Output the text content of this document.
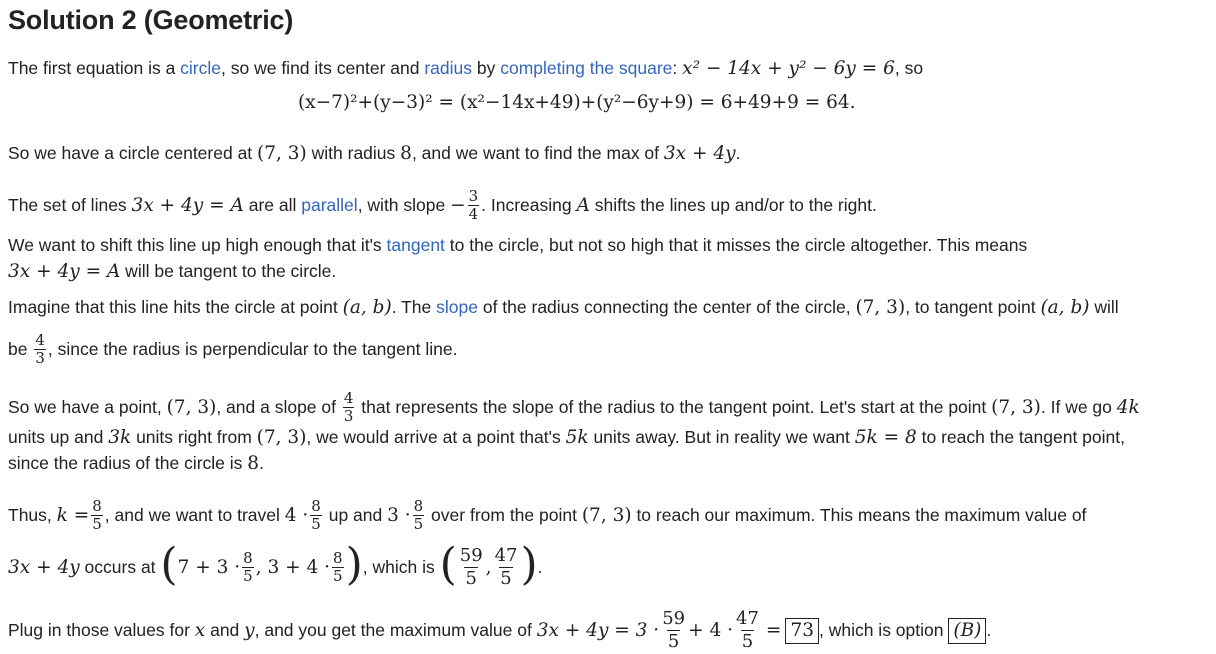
Solution 2 (Geometric)
The first equation is a circle, so we find its center and radius by completing the square: x² − 14x + y² − 6y = 6, so
(x−7)²+(y−3)² = (x²−14x+49)+(y²−6y+9) = 6+49+9 = 64.
So we have a circle centered at (7, 3) with radius 8, and we want to find the max of 3x + 4y.
The set of lines 3x + 4y = A are all parallel, with slope − $\frac{3}{4}$ . Increasing A shifts the lines up and/or to the right.
We want to shift this line up high enough that it's tangent to the circle, but not so high that it misses the circle altogether. This means
3x + 4y = A will be tangent to the circle.
Imagine that this line hits the circle at point (a, b). The slope of the radius connecting the center of the circle, (7, 3), to tangent point (a, b) will
be $\frac{4}{3}$ , since the radius is perpendicular to the tangent line.
So we have a point, (7, 3), and a slope of $\frac{4}{3}$ that represents the slope of the radius to the tangent point. Let's start at the point (7, 3). If we go 4k
units up and 3k units right from (7, 3), we would arrive at a point that's 5k units away. But in reality we want 5k = 8 to reach the tangent point,
since the radius of the circle is 8.
Thus, $k = \frac{8}{5}$ , and we want to travel $4 \cdot \frac{8}{5}$ up and $3 \cdot \frac{8}{5}$ over from the point (7, 3) to reach our maximum. This means the maximum value of
3x + 4y occurs at ($7 + 3 \cdot \frac{8}{5}$ , $3 + 4 \cdot \frac{8}{5}$ ), which is ( $\frac{59}{5}$ , $\frac{47}{5}$ ).
Plug in those values for x and y, and you get the maximum value of $3x + 4y = 3 \cdot \frac{59}{5} + 4 \cdot \frac{47}{5} = 73$ , which is option (B) .
